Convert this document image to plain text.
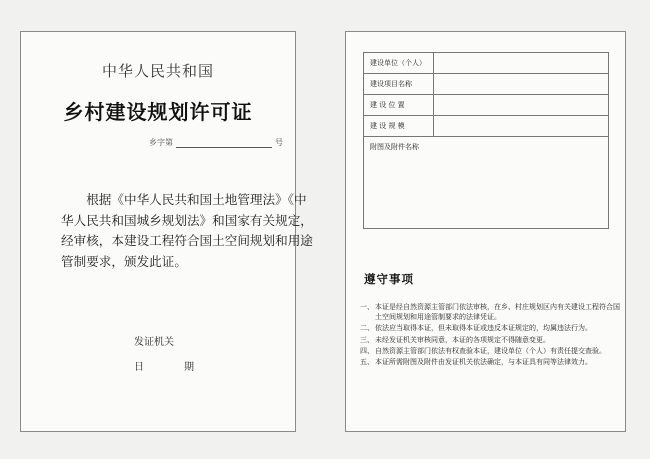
中华人民共和国
乡村建设规划许可证
乡字第	号

根据《中华人民共和国土地管理法》《中
华人民共和国城乡规划法》和国家有关规定，
经审核，本建设工程符合国土空间规划和用途
管制要求，颁发此证。

发证机关
日	期
建设单位（个人）	
建设项目名称	
建 设 位 置	
建 设 规 模	
附图及附件名称	
遵守事项
一、 本证是经自然资源主管部门依法审核，在乡、村庄规划区内有关建设工程符合国土空间规划和用途管制要求的法律凭证。
二、 依法应当取得本证，但未取得本证或违反本证规定的，均属违法行为。
三、 未经发证机关审核同意，本证的各项规定不得随意变更。
四、 自然资源主管部门依法有权查验本证，建设单位（个人）有责任提交查验。
五、 本证所需附图及附件由发证机关依法确定，与本证具有同等法律效力。
